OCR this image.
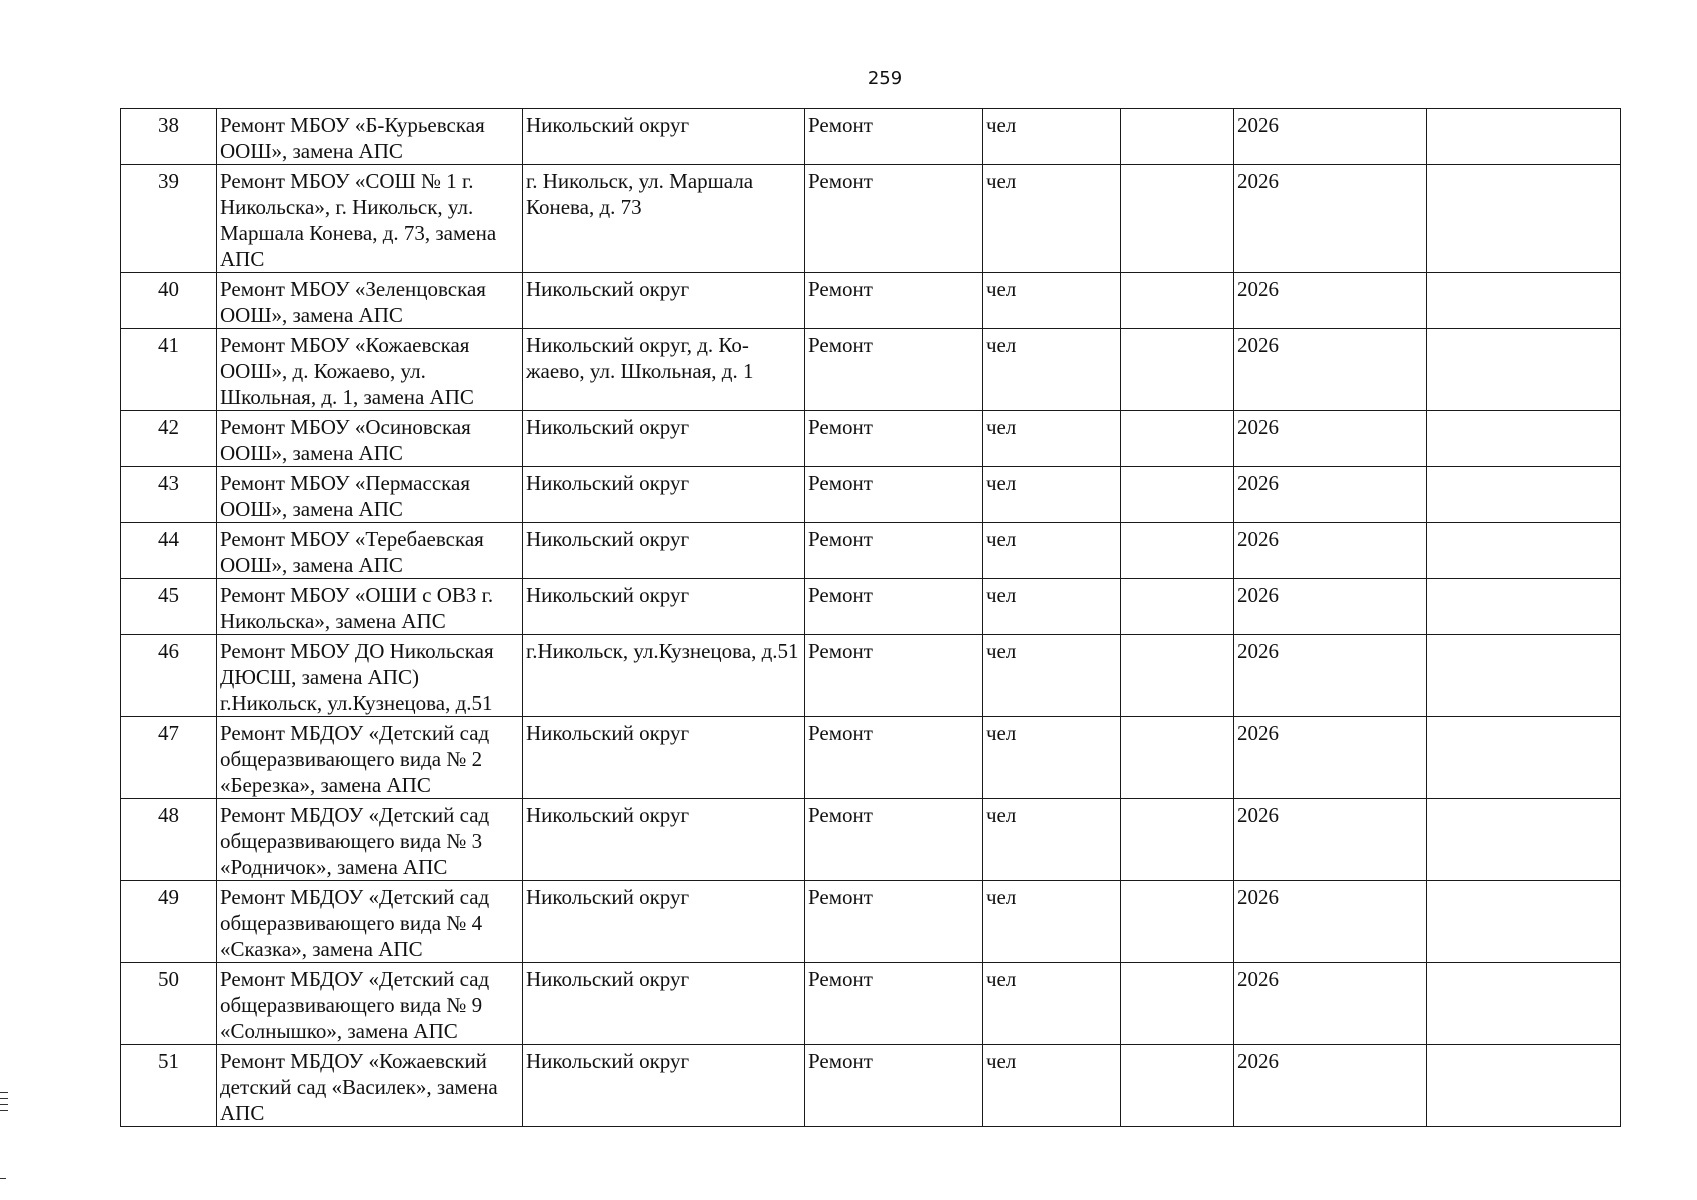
259
38	Ремонт МБОУ «Б-Курьевская ООШ», замена АПС	Никольский округ	Ремонт	чел		2026	
39	Ремонт МБОУ «СОШ № 1 г. Никольска», г. Никольск, ул. Маршала Конева, д. 73, замена АПС	г. Никольск, ул. Маршала Конева, д. 73	Ремонт	чел		2026	
40	Ремонт МБОУ «Зеленцовская ООШ», замена АПС	Никольский округ	Ремонт	чел		2026	
41	Ремонт МБОУ «Кожаевская ООШ», д. Кожаево, ул. Школьная, д. 1, замена АПС	Никольский округ, д. Ко-жаево, ул. Школьная, д. 1	Ремонт	чел		2026	
42	Ремонт МБОУ «Осиновская ООШ», замена АПС	Никольский округ	Ремонт	чел		2026	
43	Ремонт МБОУ «Пермасская ООШ», замена АПС	Никольский округ	Ремонт	чел		2026	
44	Ремонт МБОУ «Теребаевская ООШ», замена АПС	Никольский округ	Ремонт	чел		2026	
45	Ремонт МБОУ «ОШИ с ОВЗ г. Никольска», замена АПС	Никольский округ	Ремонт	чел		2026	
46	Ремонт МБОУ ДО Никольская ДЮСШ, замена АПС) г.Никольск, ул.Кузнецова, д.51	г.Никольск, ул.Кузнецова, д.51	Ремонт	чел		2026	
47	Ремонт МБДОУ «Детский сад общеразвивающего вида № 2 «Березка», замена АПС	Никольский округ	Ремонт	чел		2026	
48	Ремонт МБДОУ «Детский сад общеразвивающего вида № 3 «Родничок», замена АПС	Никольский округ	Ремонт	чел		2026	
49	Ремонт МБДОУ «Детский сад общеразвивающего вида № 4 «Сказка», замена АПС	Никольский округ	Ремонт	чел		2026	
50	Ремонт МБДОУ «Детский сад общеразвивающего вида № 9 «Солнышко», замена АПС	Никольский округ	Ремонт	чел		2026	
51	Ремонт МБДОУ «Кожаевский детский сад «Василек», замена АПС	Никольский округ	Ремонт	чел		2026	
